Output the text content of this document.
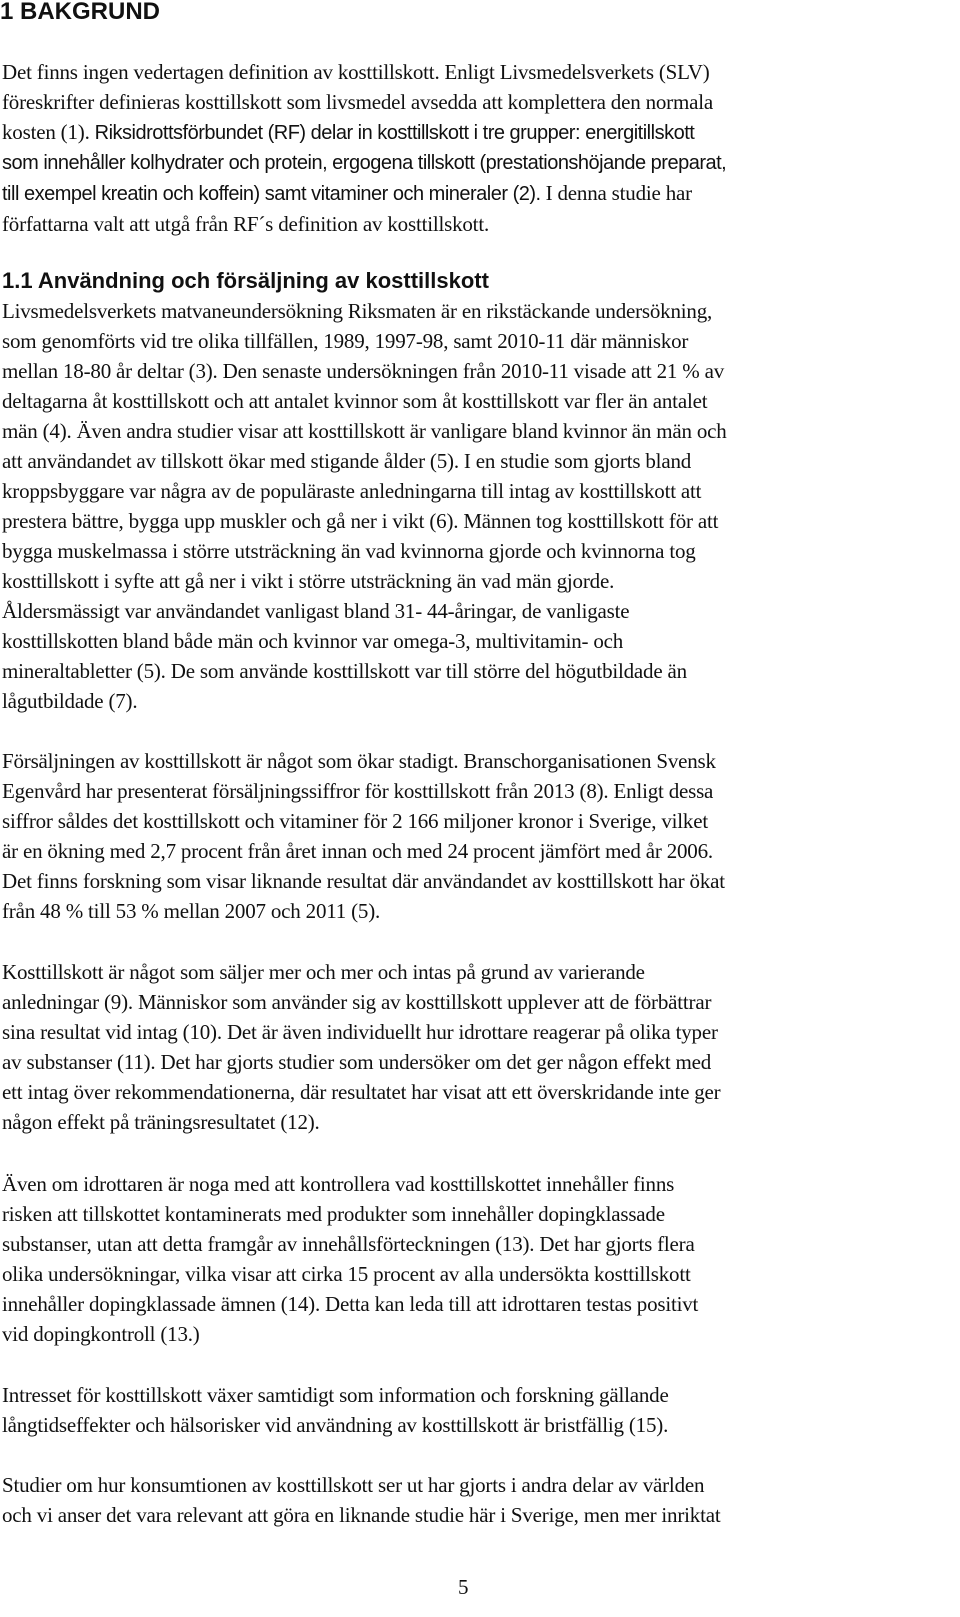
1 BAKGRUND
Det finns ingen vedertagen definition av kosttillskott. Enligt Livsmedelsverkets (SLV)
föreskrifter definieras kosttillskott som livsmedel avsedda att komplettera den normala
kosten (1). Riksidrottsförbundet (RF) delar in kosttillskott i tre grupper: energitillskott
som innehåller kolhydrater och protein, ergogena tillskott (prestationshöjande preparat,
till exempel kreatin och koffein) samt vitaminer och mineraler (2). I denna studie har
författarna valt att utgå från RF´s definition av kosttillskott.
1.1 Användning och försäljning av kosttillskott
Livsmedelsverkets matvaneundersökning Riksmaten är en rikstäckande undersökning,
som genomförts vid tre olika tillfällen, 1989, 1997-98, samt 2010-11 där människor
mellan 18-80 år deltar (3). Den senaste undersökningen från 2010-11 visade att 21 % av
deltagarna åt kosttillskott och att antalet kvinnor som åt kosttillskott var fler än antalet
män (4). Även andra studier visar att kosttillskott är vanligare bland kvinnor än män och
att användandet av tillskott ökar med stigande ålder (5). I en studie som gjorts bland
kroppsbyggare var några av de populäraste anledningarna till intag av kosttillskott att
prestera bättre, bygga upp muskler och gå ner i vikt (6). Männen tog kosttillskott för att
bygga muskelmassa i större utsträckning än vad kvinnorna gjorde och kvinnorna tog
kosttillskott i syfte att gå ner i vikt i större utsträckning än vad män gjorde.
Åldersmässigt var användandet vanligast bland 31- 44-åringar, de vanligaste
kosttillskotten bland både män och kvinnor var omega-3, multivitamin- och
mineraltabletter (5). De som använde kosttillskott var till större del högutbildade än
lågutbildade (7).
Försäljningen av kosttillskott är något som ökar stadigt. Branschorganisationen Svensk
Egenvård har presenterat försäljningssiffror för kosttillskott från 2013 (8). Enligt dessa
siffror såldes det kosttillskott och vitaminer för 2 166 miljoner kronor i Sverige, vilket
är en ökning med 2,7 procent från året innan och med 24 procent jämfört med år 2006.
Det finns forskning som visar liknande resultat där användandet av kosttillskott har ökat
från 48 % till 53 % mellan 2007 och 2011 (5).
Kosttillskott är något som säljer mer och mer och intas på grund av varierande
anledningar (9). Människor som använder sig av kosttillskott upplever att de förbättrar
sina resultat vid intag (10). Det är även individuellt hur idrottare reagerar på olika typer
av substanser (11). Det har gjorts studier som undersöker om det ger någon effekt med
ett intag över rekommendationerna, där resultatet har visat att ett överskridande inte ger
någon effekt på träningsresultatet (12).
Även om idrottaren är noga med att kontrollera vad kosttillskottet innehåller finns
risken att tillskottet kontaminerats med produkter som innehåller dopingklassade
substanser, utan att detta framgår av innehållsförteckningen (13). Det har gjorts flera
olika undersökningar, vilka visar att cirka 15 procent av alla undersökta kosttillskott
innehåller dopingklassade ämnen (14). Detta kan leda till att idrottaren testas positivt
vid dopingkontroll (13.)
Intresset för kosttillskott växer samtidigt som information och forskning gällande
långtidseffekter och hälsorisker vid användning av kosttillskott är bristfällig (15).
Studier om hur konsumtionen av kosttillskott ser ut har gjorts i andra delar av världen
och vi anser det vara relevant att göra en liknande studie här i Sverige, men mer inriktat
5
